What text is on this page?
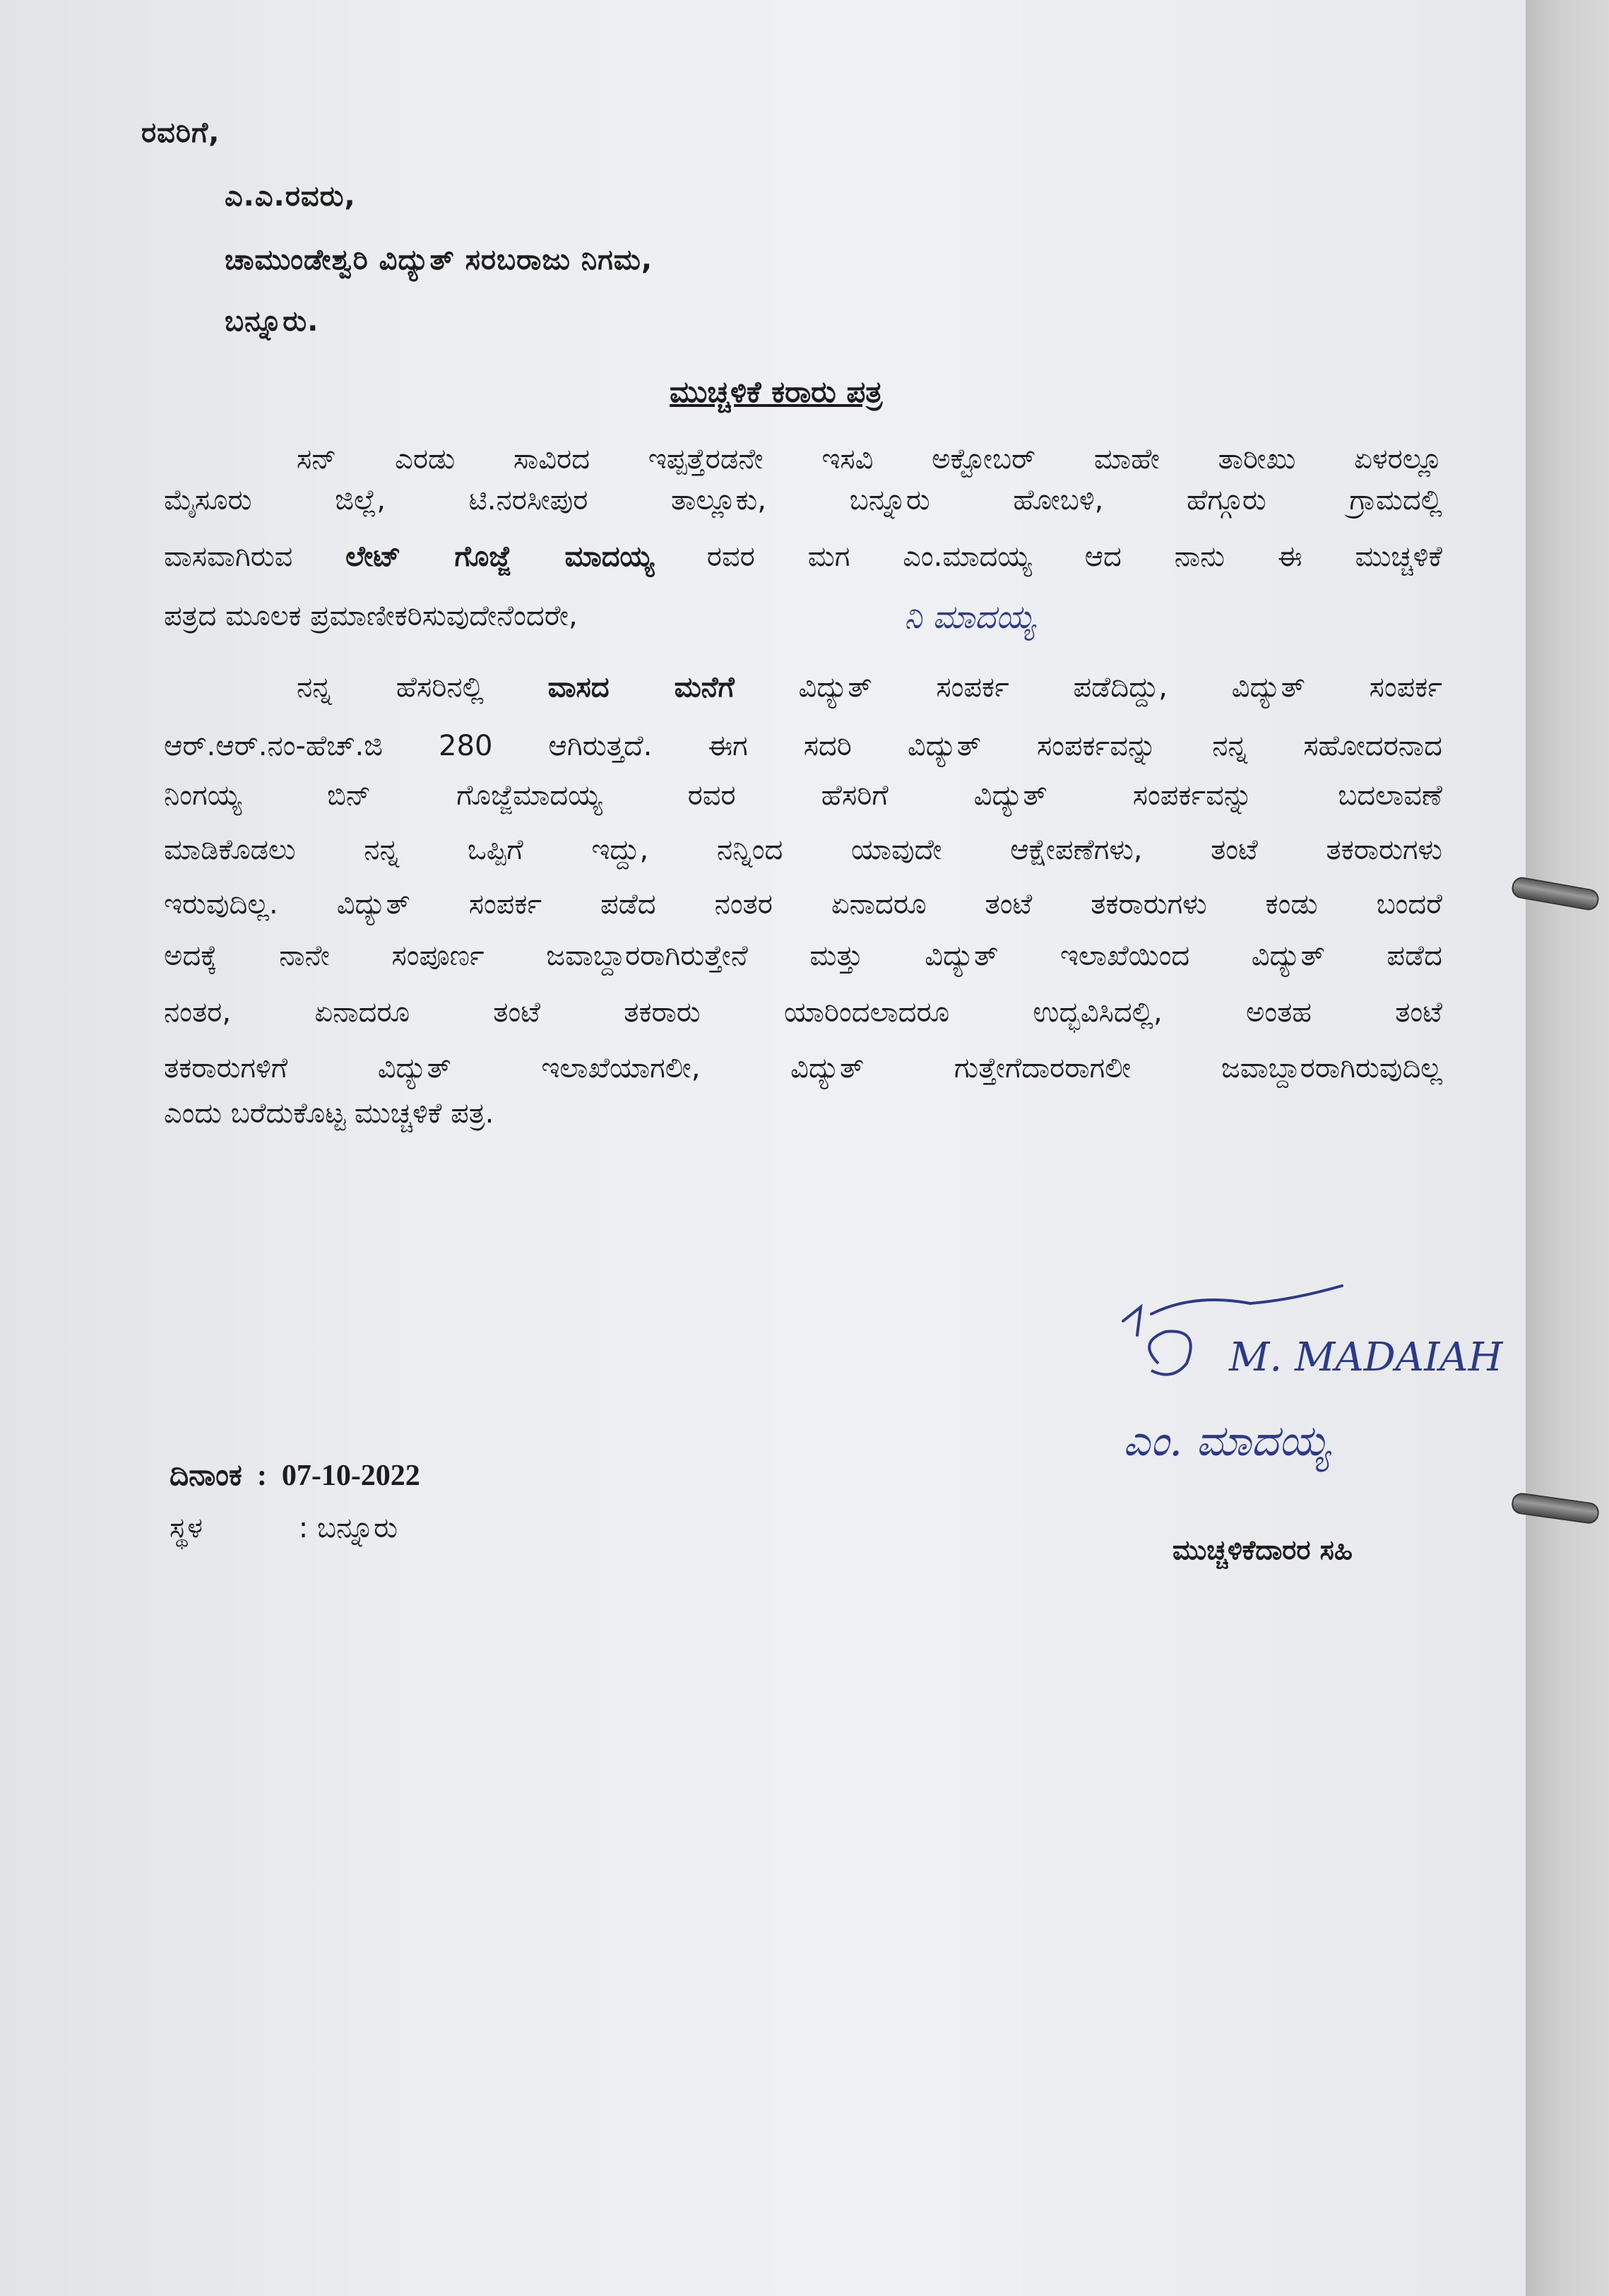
ರವರಿಗೆ,
ಎ.ಎ.ರವರು,
ಚಾಮುಂಡೇಶ್ವರಿ ವಿದ್ಯುತ್ ಸರಬರಾಜು ನಿಗಮ,
ಬನ್ನೂರು.
ಮುಚ್ಚಳಿಕೆ ಕರಾರು ಪತ್ರ
ಸನ್ ಎರಡು ಸಾವಿರದ ಇಪ್ಪತ್ತೆರಡನೇ ಇಸವಿ ಅಕ್ಟೋಬರ್ ಮಾಹೇ ತಾರೀಖು ಏಳರಲ್ಲೂ
ಮೈಸೂರು ಜಿಲ್ಲೆ, ಟಿ.ನರಸೀಪುರ ತಾಲ್ಲೂಕು, ಬನ್ನೂರು ಹೋಬಳಿ, ಹೆಗ್ಗೂರು ಗ್ರಾಮದಲ್ಲಿ
ವಾಸವಾಗಿರುವ ಲೇಟ್ ಗೊಜ್ಜೆ ಮಾದಯ್ಯ ರವರ ಮಗ ಎಂ.ಮಾದಯ್ಯ ಆದ ನಾನು ಈ ಮುಚ್ಚಳಿಕೆ
ಪತ್ರದ ಮೂಲಕ ಪ್ರಮಾಣೀಕರಿಸುವುದೇನೆಂದರೇ,	ನಿ ಮಾದಯ್ಯ
ನನ್ನ ಹೆಸರಿನಲ್ಲಿ ವಾಸದ ಮನೆಗೆ ವಿದ್ಯುತ್ ಸಂಪರ್ಕ ಪಡೆದಿದ್ದು, ವಿದ್ಯುತ್ ಸಂಪರ್ಕ
ಆರ್.ಆರ್.ನಂ-ಹೆಚ್.ಜಿ 280 ಆಗಿರುತ್ತದೆ. ಈಗ ಸದರಿ ವಿದ್ಯುತ್ ಸಂಪರ್ಕವನ್ನು ನನ್ನ ಸಹೋದರನಾದ
ನಿಂಗಯ್ಯ ಬಿನ್ ಗೊಜ್ಜೆಮಾದಯ್ಯ ರವರ ಹೆಸರಿಗೆ ವಿದ್ಯುತ್ ಸಂಪರ್ಕವನ್ನು ಬದಲಾವಣೆ
ಮಾಡಿಕೊಡಲು ನನ್ನ ಒಪ್ಪಿಗೆ ಇದ್ದು, ನನ್ನಿಂದ ಯಾವುದೇ ಆಕ್ಷೇಪಣೆಗಳು, ತಂಟೆ ತಕರಾರುಗಳು
ಇರುವುದಿಲ್ಲ. ವಿದ್ಯುತ್ ಸಂಪರ್ಕ ಪಡೆದ ನಂತರ ಏನಾದರೂ ತಂಟೆ ತಕರಾರುಗಳು ಕಂಡು ಬಂದರೆ
ಅದಕ್ಕೆ ನಾನೇ ಸಂಪೂರ್ಣ ಜವಾಬ್ದಾರರಾಗಿರುತ್ತೇನೆ ಮತ್ತು ವಿದ್ಯುತ್ ಇಲಾಖೆಯಿಂದ ವಿದ್ಯುತ್ ಪಡೆದ
ನಂತರ, ಏನಾದರೂ ತಂಟೆ ತಕರಾರು ಯಾರಿಂದಲಾದರೂ ಉದ್ಭವಿಸಿದಲ್ಲಿ, ಅಂತಹ ತಂಟೆ
ತಕರಾರುಗಳಿಗೆ ವಿದ್ಯುತ್ ಇಲಾಖೆಯಾಗಲೀ, ವಿದ್ಯುತ್ ಗುತ್ತೇಗೆದಾರರಾಗಲೀ ಜವಾಬ್ದಾರರಾಗಿರುವುದಿಲ್ಲ
ಎಂದು ಬರೆದುಕೊಟ್ಟ ಮುಚ್ಚಳಿಕೆ ಪತ್ರ.
M. MADAIAH
ಎಂ. ಮಾದಯ್ಯ
ದಿನಾಂಕ  :  07-10-2022
ಸ್ಥಳ	: ಬನ್ನೂರು
ಮುಚ್ಚಳಿಕೆದಾರರ ಸಹಿ
